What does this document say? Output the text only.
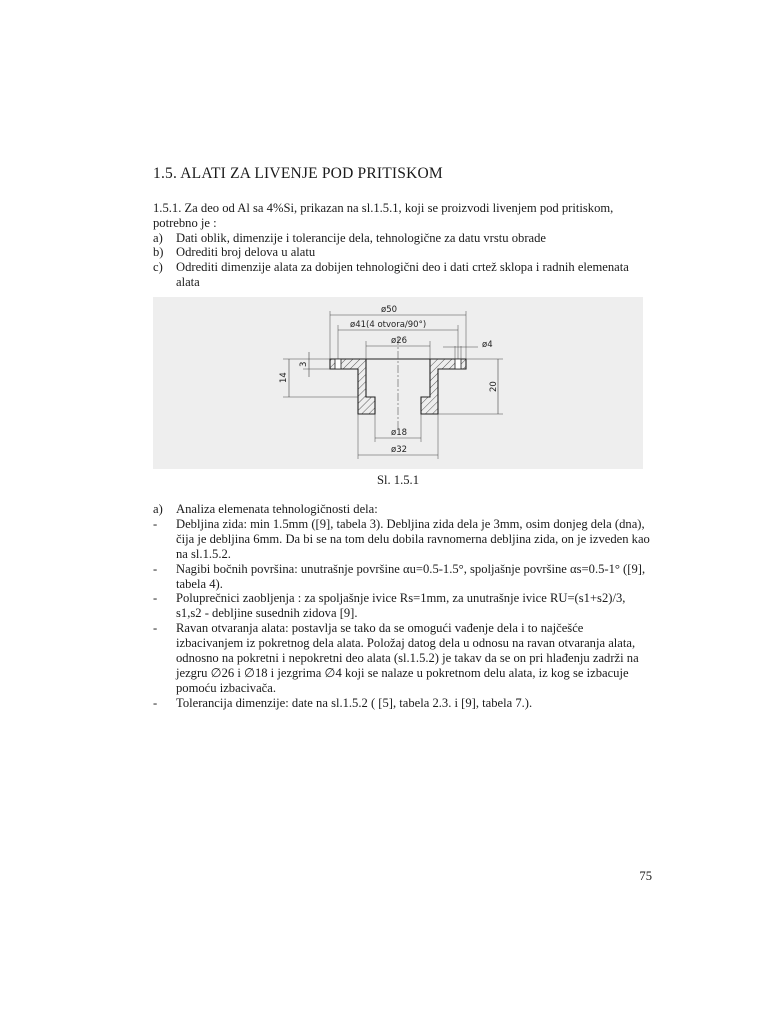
1.5. ALATI ZA LIVENJE POD PRITISKOM

1.5.1. Za deo od Al sa 4%Si, prikazan na sl.1.5.1, koji se proizvodi livenjem pod pritiskom, potrebno je :

a)	Dati oblik, dimenzije i tolerancije dela, tehnologične za datu vrstu obrade
b) Odrediti broj delova u alatu
c)	Odrediti dimenzije alata za dobijen tehnologični deo i dati crtež sklopa i radnih elemenata alata
ø50
ø41(4 otvora/90°)
ø26	ø4
14
3
20
ø18
ø32
Sl. 1.5.1
a)	Analiza elemenata tehnologičnosti dela:
-	Debljina zida: min 1.5mm ([9], tabela 3). Debljina zida dela je 3mm, osim donjeg dela (dna), čija je debljina 6mm. Da bi se na tom delu dobila ravnomerna debljina zida, on je izveden kao na sl.1.5.2.
-	Nagibi bočnih površina: unutrašnje površine αu=0.5-1.5°, spoljašnje površine αs=0.5-1° ([9], tabela 4).
-	Poluprečnici zaobljenja : za spoljašnje ivice Rs=1mm, za unutrašnje ivice RU=(s1+s2)/3, s1,s2 - debljine susednih zidova [9].
-	Ravan otvaranja alata: postavlja se tako da se omogući vađenje dela i to najčešće izbacivanjem iz pokretnog dela alata. Položaj datog dela u odnosu na ravan otvaranja alata, odnosno na pokretni i nepokretni deo alata (sl.1.5.2) je takav da se on pri hlađenju zadrži na jezgru ∅26 i ∅18 i jezgrima ∅4 koji se nalaze u pokretnom delu alata, iz kog se izbacuje pomoću izbacivača.
-	Tolerancija dimenzije: date na sl.1.5.2 ( [5], tabela 2.3. i [9], tabela 7.).
75
